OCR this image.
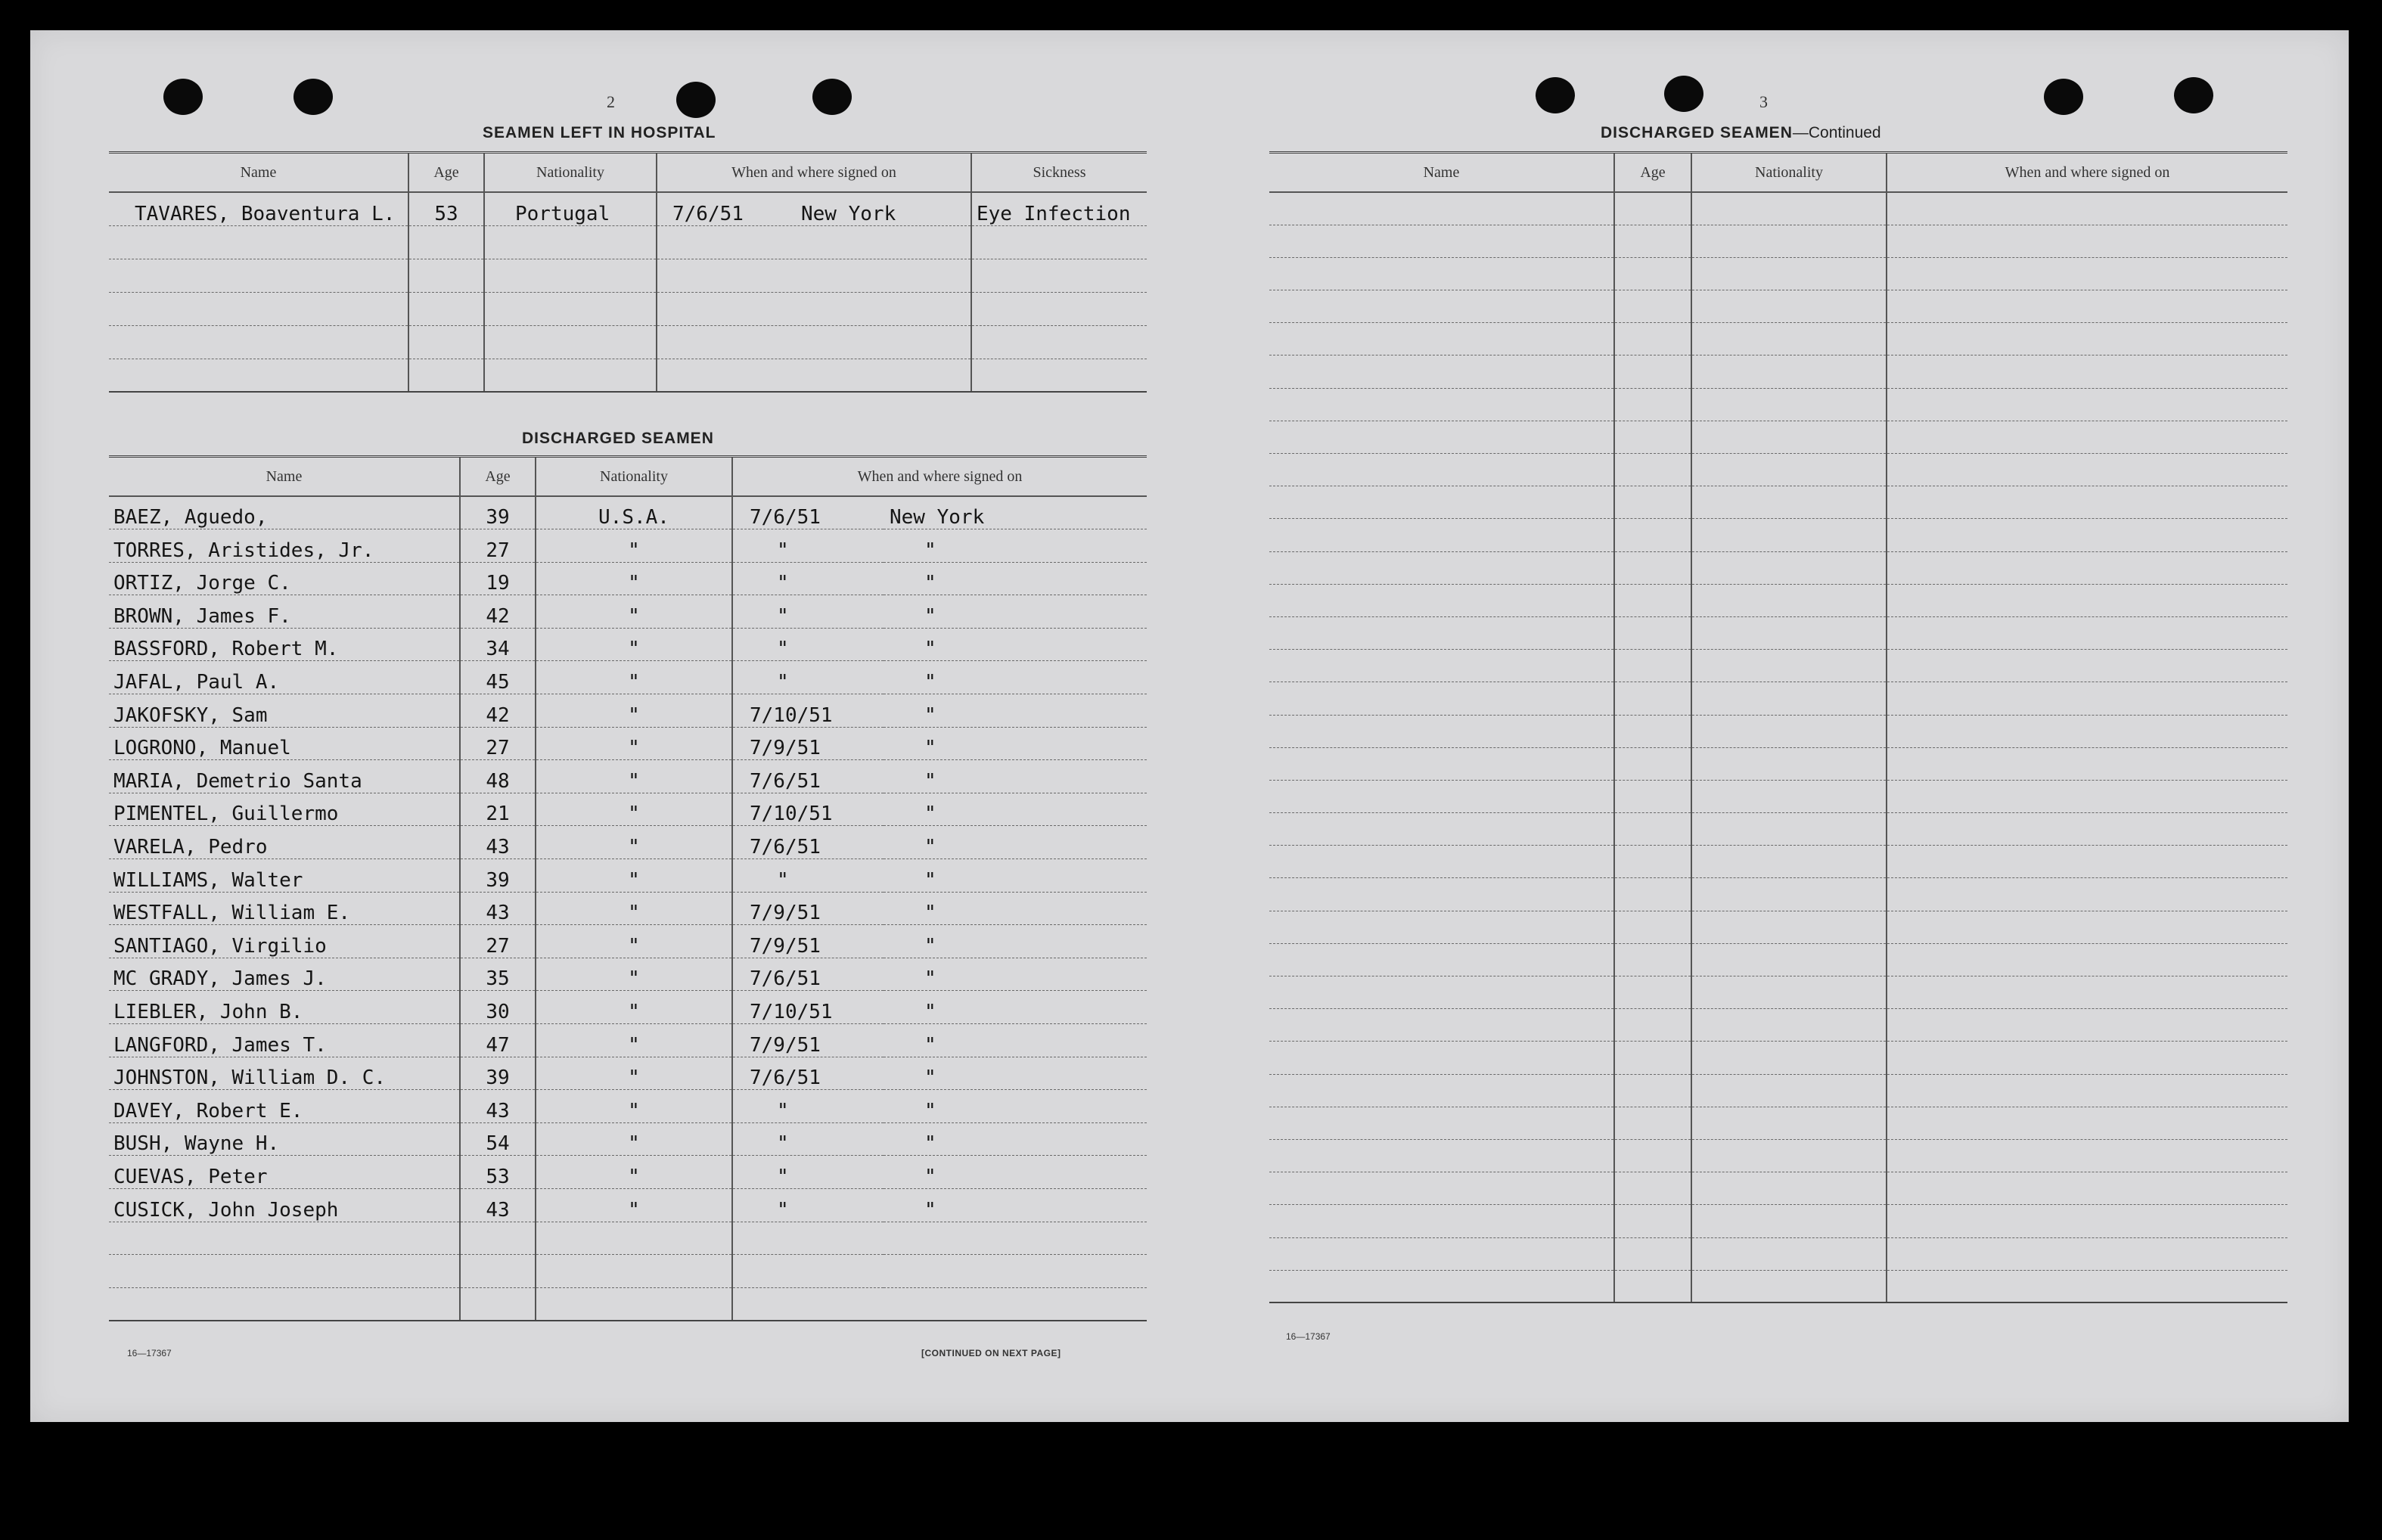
2
SEAMEN LEFT IN HOSPITAL
Name	Age	Nationality	When and where signed on	Sickness
TAVARES, Boaventura L.	53	Portugal	7/6/51 New York	Eye Infection

DISCHARGED SEAMEN
Name	Age	Nationality	When and where signed on	
BAEZ, Aguedo,	39	U.S.A.	7/6/51	New York
TORRES, Aristides, Jr.	27	"	"	"
ORTIZ, Jorge C.	19	"	"	"
BROWN, James F.	42	"	"	"
BASSFORD, Robert M.	34	"	"	"
JAFAL, Paul A.	45	"	"	"
JAKOFSKY, Sam	42	"	7/10/51	"
LOGRONO, Manuel	27	"	7/9/51	"
MARIA, Demetrio Santa	48	"	7/6/51	"
PIMENTEL, Guillermo	21	"	7/10/51	"
VARELA, Pedro	43	"	7/6/51	"
WILLIAMS, Walter	39	"	"	"
WESTFALL, William E.	43	"	7/9/51	"
SANTIAGO, Virgilio	27	"	7/9/51	"
MC GRADY, James J.	35	"	7/6/51	"
LIEBLER, John B.	30	"	7/10/51	"
LANGFORD, James T.	47	"	7/9/51	"
JOHNSTON, William D. C.	39	"	7/6/51	"
DAVEY, Robert E.	43	"	"	"
BUSH, Wayne H.	54	"	"	"
CUEVAS, Peter	53	"	"	"
CUSICK, John Joseph	43	"	"	"

16—17367	[CONTINUED ON NEXT PAGE]
3
DISCHARGED SEAMEN—Continued
Name	Age	Nationality	When and where signed on

16—17367
